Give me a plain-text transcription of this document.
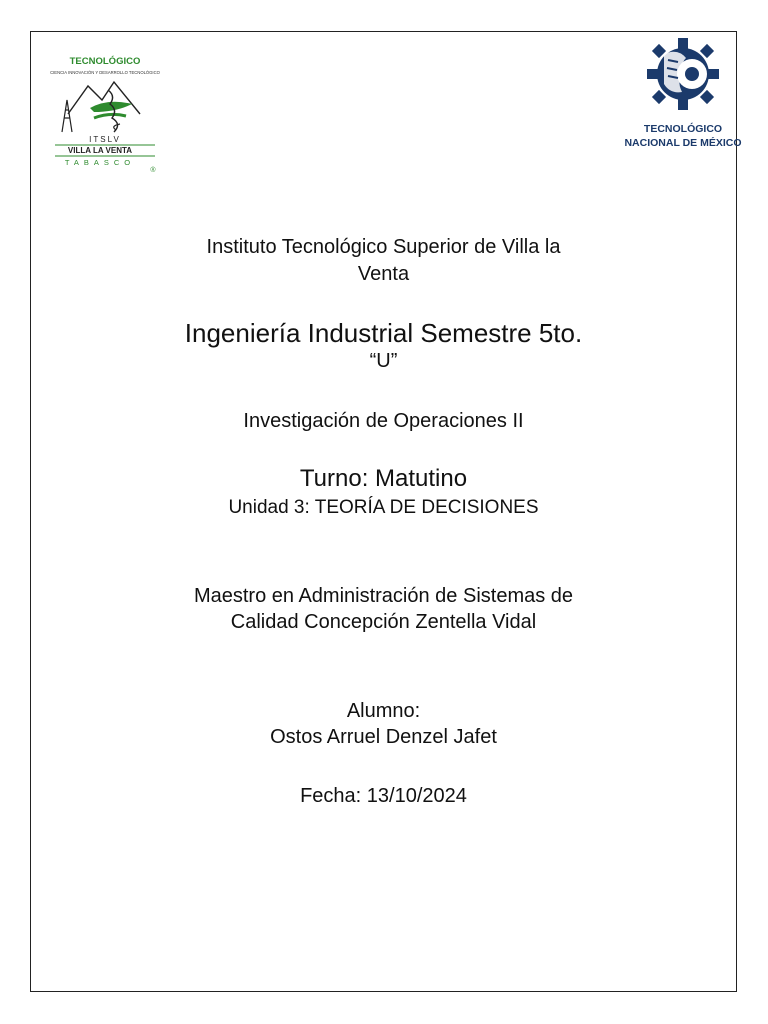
TECNOLÓGICO
CIENCIA INNOVACIÓN Y DESARROLLO TECNOLÓGICO
ITSLV
VILLA LA VENTA
TABASCO
®
TECNOLÓGICO
NACIONAL DE MÉXICO

Instituto Tecnológico Superior de Villa la

Venta

Ingeniería Industrial Semestre 5to.

“U”

Investigación de Operaciones II

Turno: Matutino

Unidad 3: TEORÍA DE DECISIONES

Maestro en Administración de Sistemas de

Calidad Concepción Zentella Vidal

Alumno:

Ostos Arruel Denzel Jafet

Fecha: 13/10/2024
